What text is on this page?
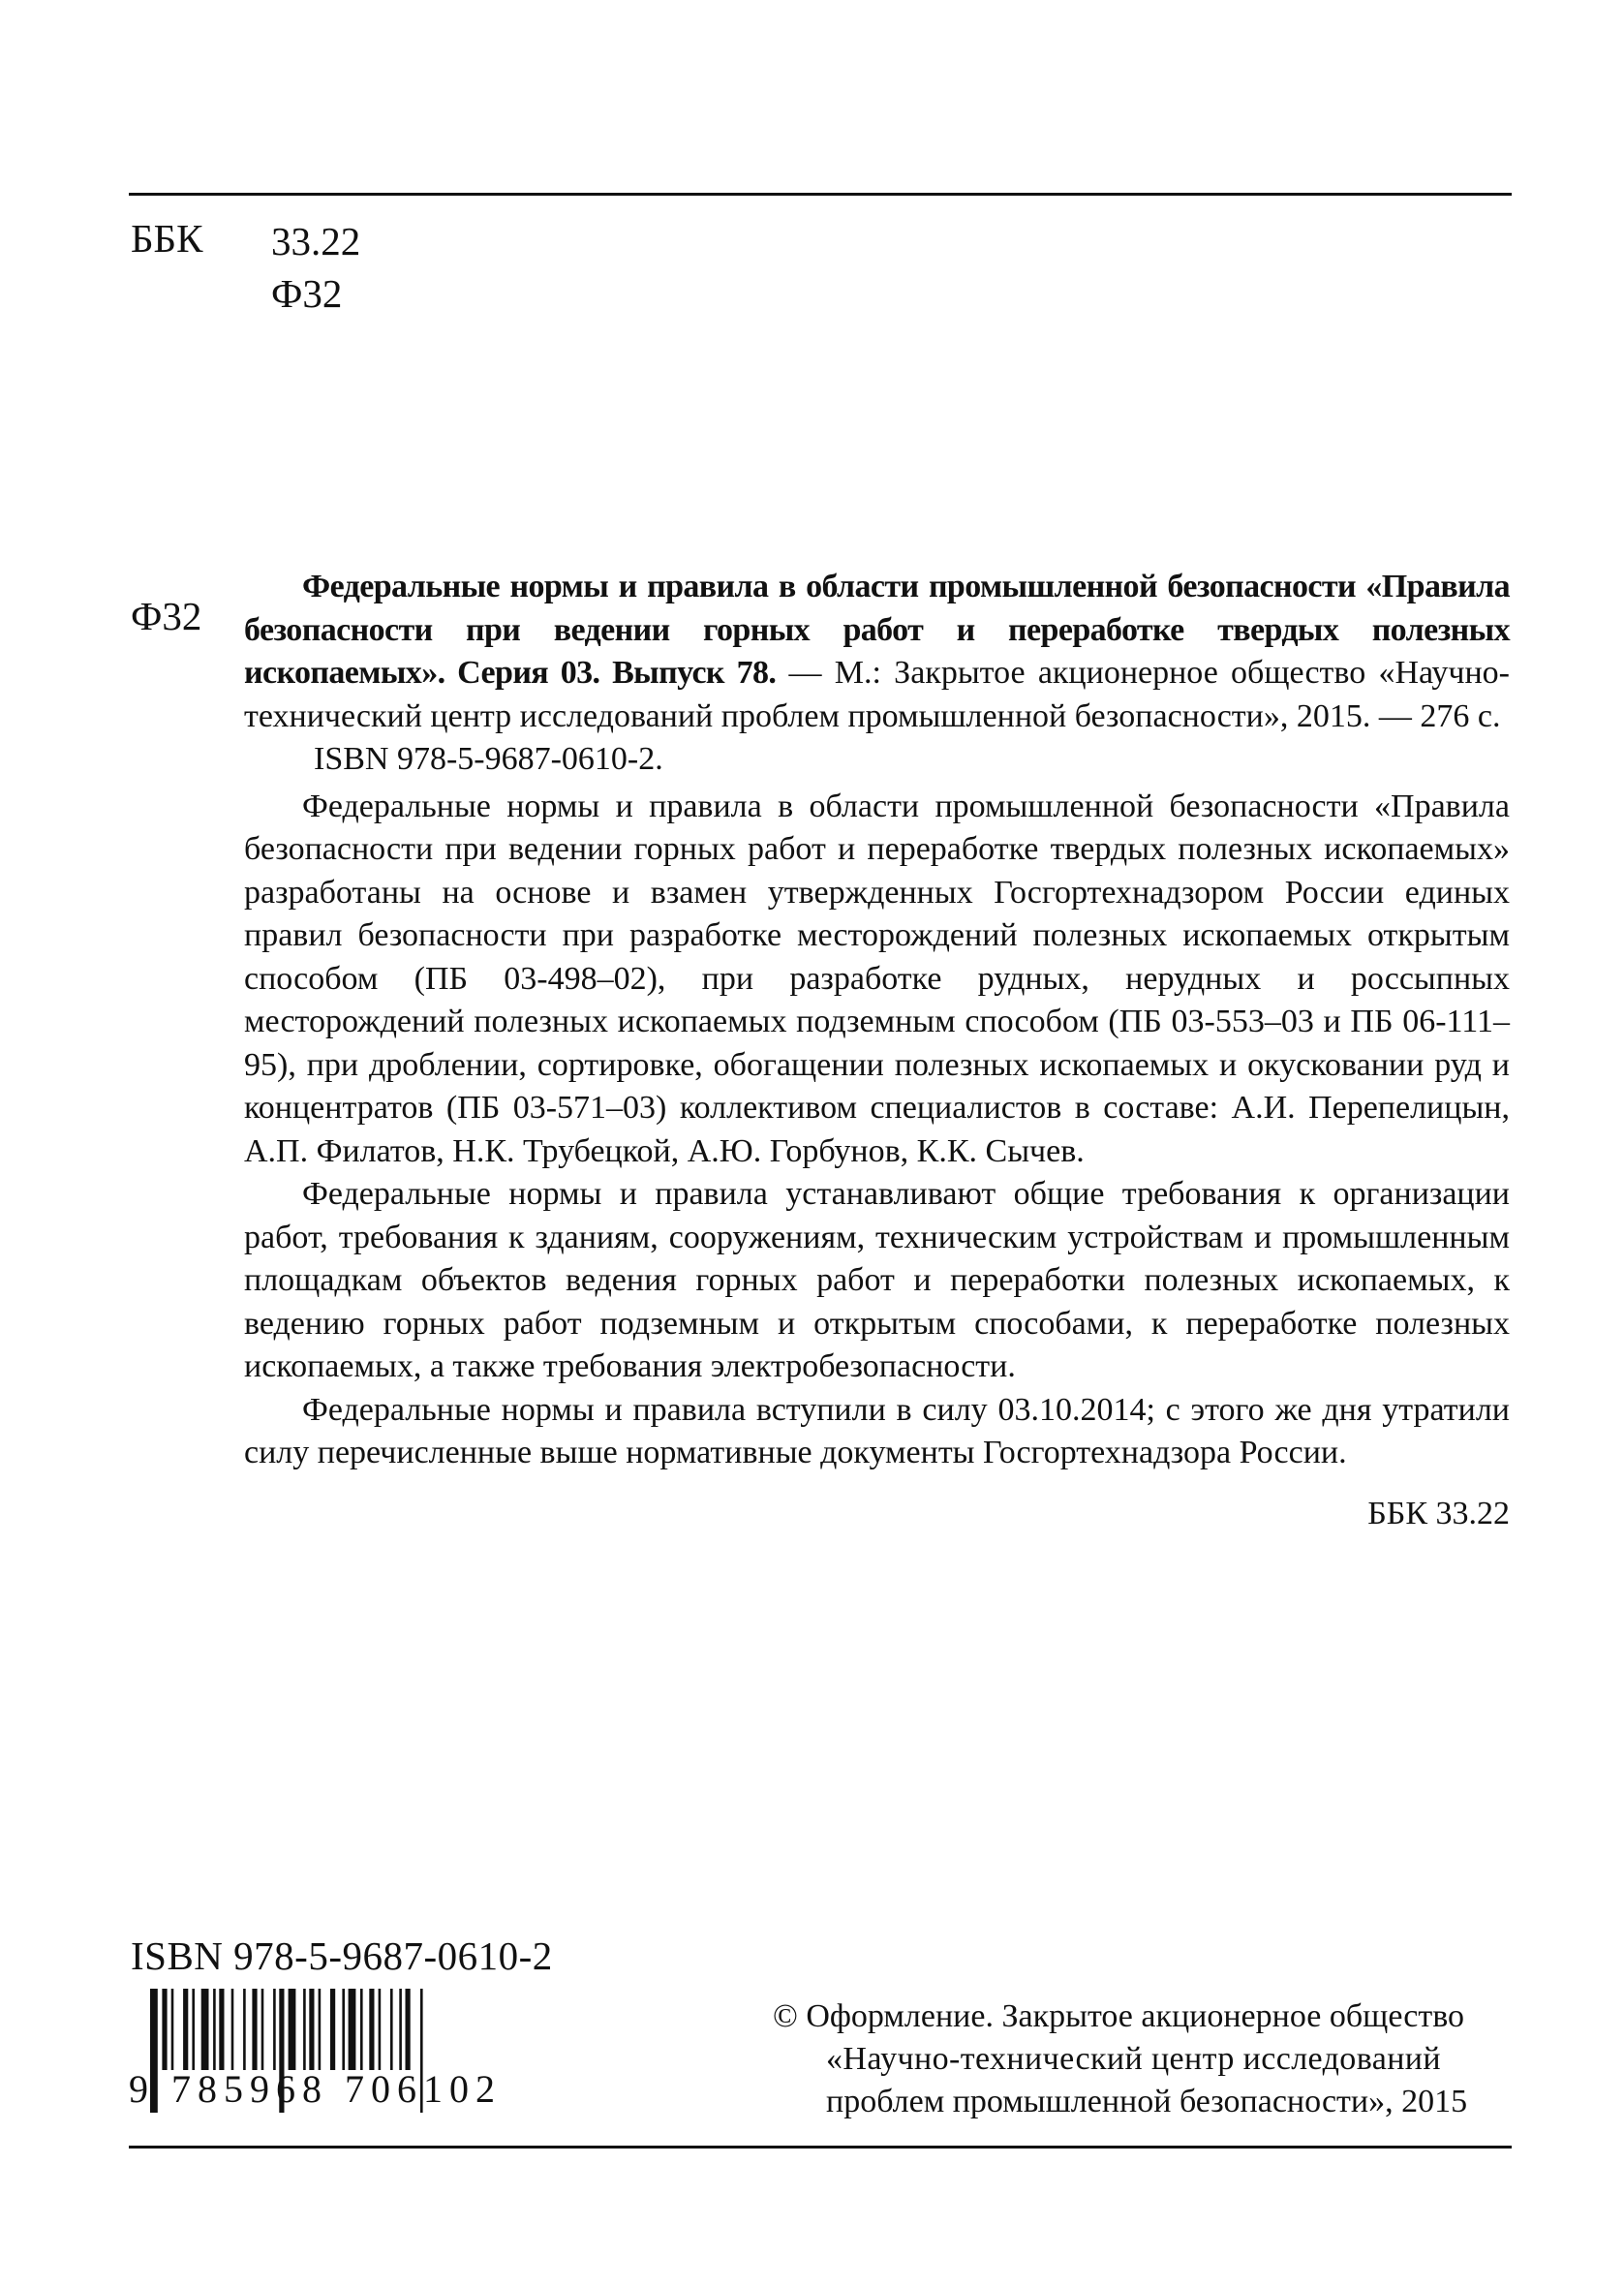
ББК 33.22
Ф32
Ф32

Федеральные нормы и правила в области промышленной безопасности «Правила безопасности при ведении горных работ и переработке твердых полезных ископаемых». Серия 03. Выпуск 78. — М.: Закрытое акционерное общество «Научно-технический центр исследований проблем промышленной безопасности», 2015. — 276 с.

ISBN 978-5-9687-0610-2.

Федеральные нормы и правила в области промышленной безопасности «Правила безопасности при ведении горных работ и переработке твердых полезных ископаемых» разработаны на основе и взамен утвержденных Госгортехнадзором России единых правил безопасности при разработке месторождений полезных ископаемых открытым способом (ПБ 03-498–02), при разработке рудных, нерудных и россыпных месторождений полезных ископаемых подземным способом (ПБ 03-553–03 и ПБ 06-111–95), при дроблении, сортировке, обогащении полезных ископаемых и окусковании руд и концентратов (ПБ 03-571–03) коллективом специалистов в составе: А.И. Перепелицын, А.П. Филатов, Н.К. Трубецкой, А.Ю. Горбунов, К.К. Сычев.

Федеральные нормы и правила устанавливают общие требования к организации работ, требования к зданиям, сооружениям, техническим устройствам и промышленным площадкам объектов ведения горных работ и переработки полезных ископаемых, к ведению горных работ подземным и открытым способами, к переработке полезных ископаемых, а также требования электробезопасности.

Федеральные нормы и правила вступили в силу 03.10.2014; с этого же дня утратили силу перечисленные выше нормативные документы Госгортехнадзора России.

ББК 33.22

ISBN 978-5-9687-0610-2
9 785968 706102
© Оформление. Закрытое акционерное общество
«Научно-технический центр исследований
проблем промышленной безопасности», 2015
